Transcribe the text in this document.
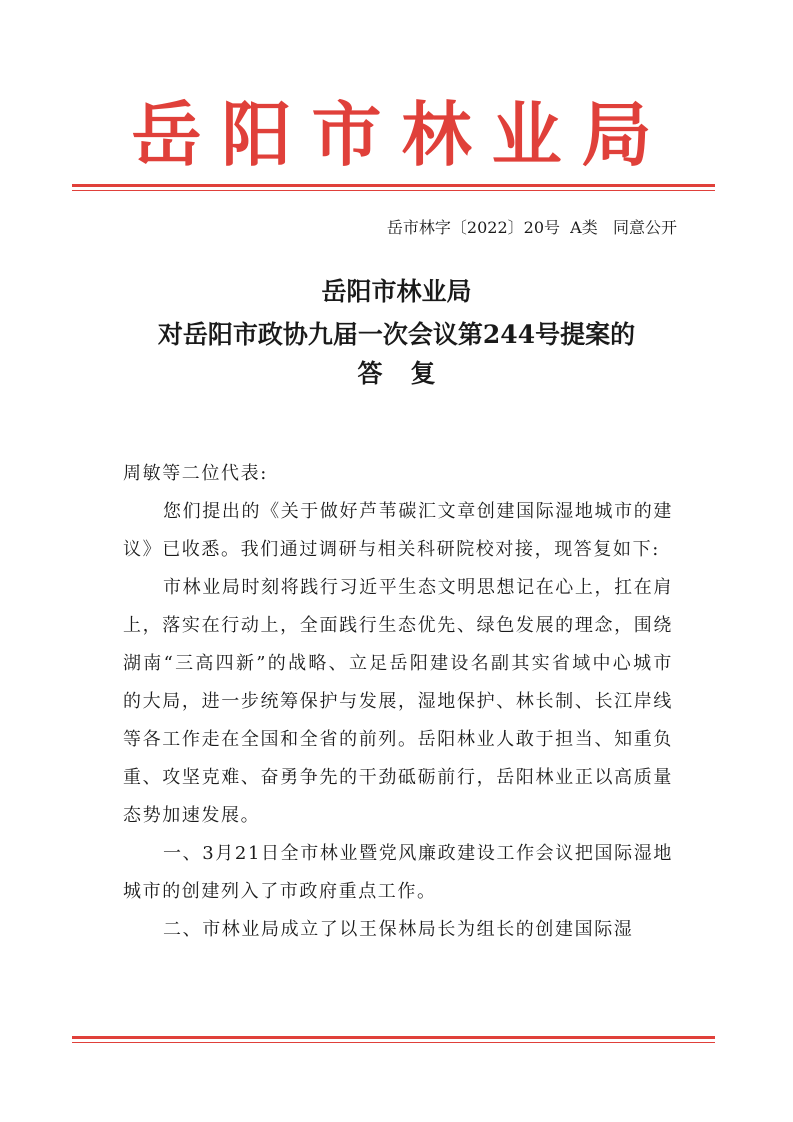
岳阳市林业局
岳市林字〔2022〕20号  A类   同意公开
岳阳市林业局
对岳阳市政协九届一次会议第244号提案的
答复

周敏等二位代表:

您们提出的《关于做好芦苇碳汇文章创建国际湿地城市的建议》已收悉。我们通过调研与相关科研院校对接，现答复如下:

市林业局时刻将践行习近平生态文明思想记在心上，扛在肩上，落实在行动上，全面践行生态优先、绿色发展的理念，围绕湖南“三高四新”的战略、立足岳阳建设名副其实省域中心城市的大局，进一步统筹保护与发展，湿地保护、林长制、长江岸线等各工作走在全国和全省的前列。岳阳林业人敢于担当、知重负重、攻坚克难、奋勇争先的干劲砥砺前行，岳阳林业正以高质量态势加速发展。

一、3月21日全市林业暨党风廉政建设工作会议把国际湿地城市的创建列入了市政府重点工作。

二、市林业局成立了以王保林局长为组长的创建国际湿
